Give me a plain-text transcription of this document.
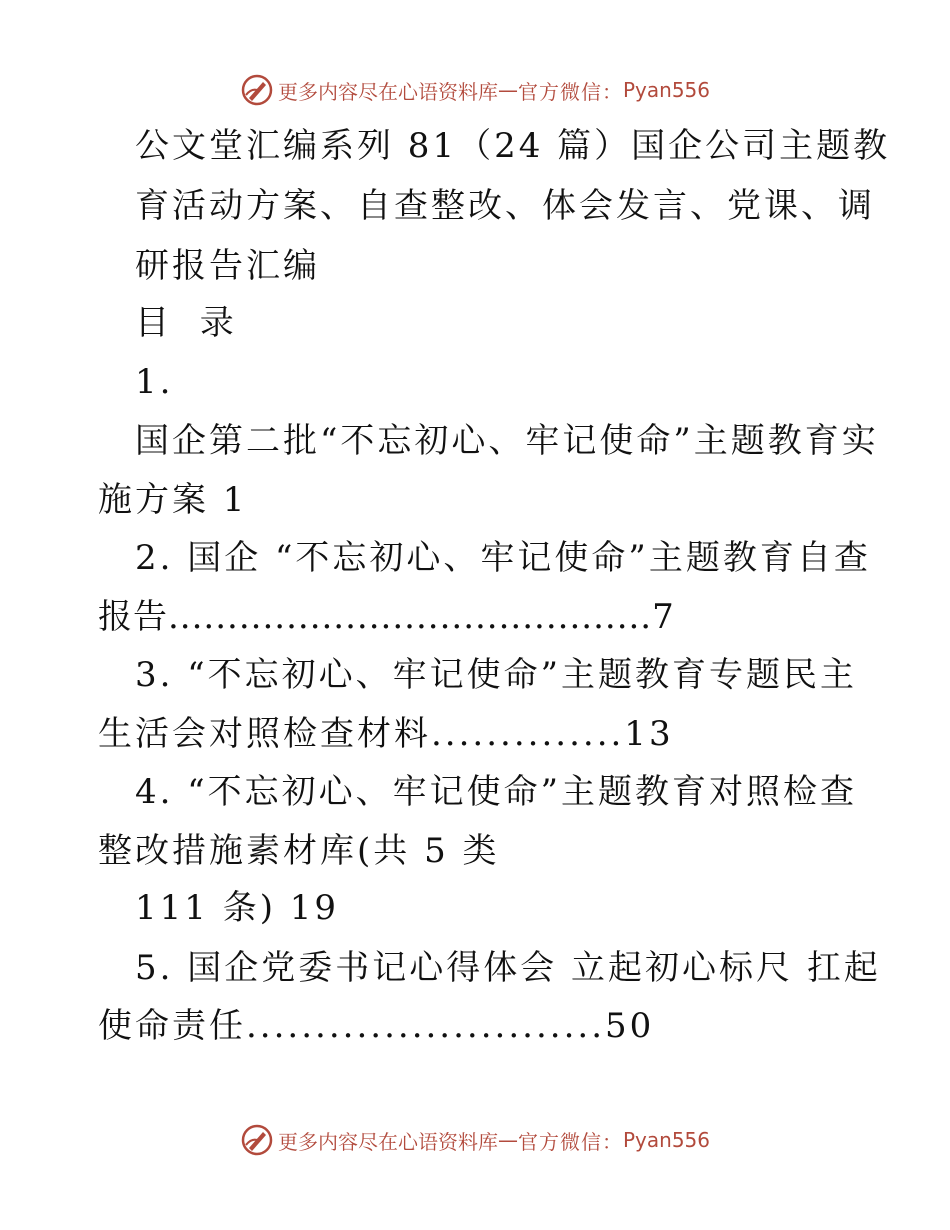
更多内容尽在心语资料库 — 官方微信： Pyan556
公文堂汇编系列 81（24 篇）国企公司主题教
育活动方案、自查整改、体会发言、党课、调
研报告汇编
目 录
1.
国企第二批“不忘初心、牢记使命”主题教育实
施方案 1
2. 国企 “不忘初心、牢记使命”主题教育自查
报告.........................................7
3. “不忘初心、牢记使命”主题教育专题民主
生活会对照检查材料..............13
4. “不忘初心、牢记使命”主题教育对照检查
整改措施素材库(共 5 类
111 条) 19
5. 国企党委书记心得体会 立起初心标尺 扛起
使命责任..........................50
更多内容尽在心语资料库 — 官方微信： Pyan556
